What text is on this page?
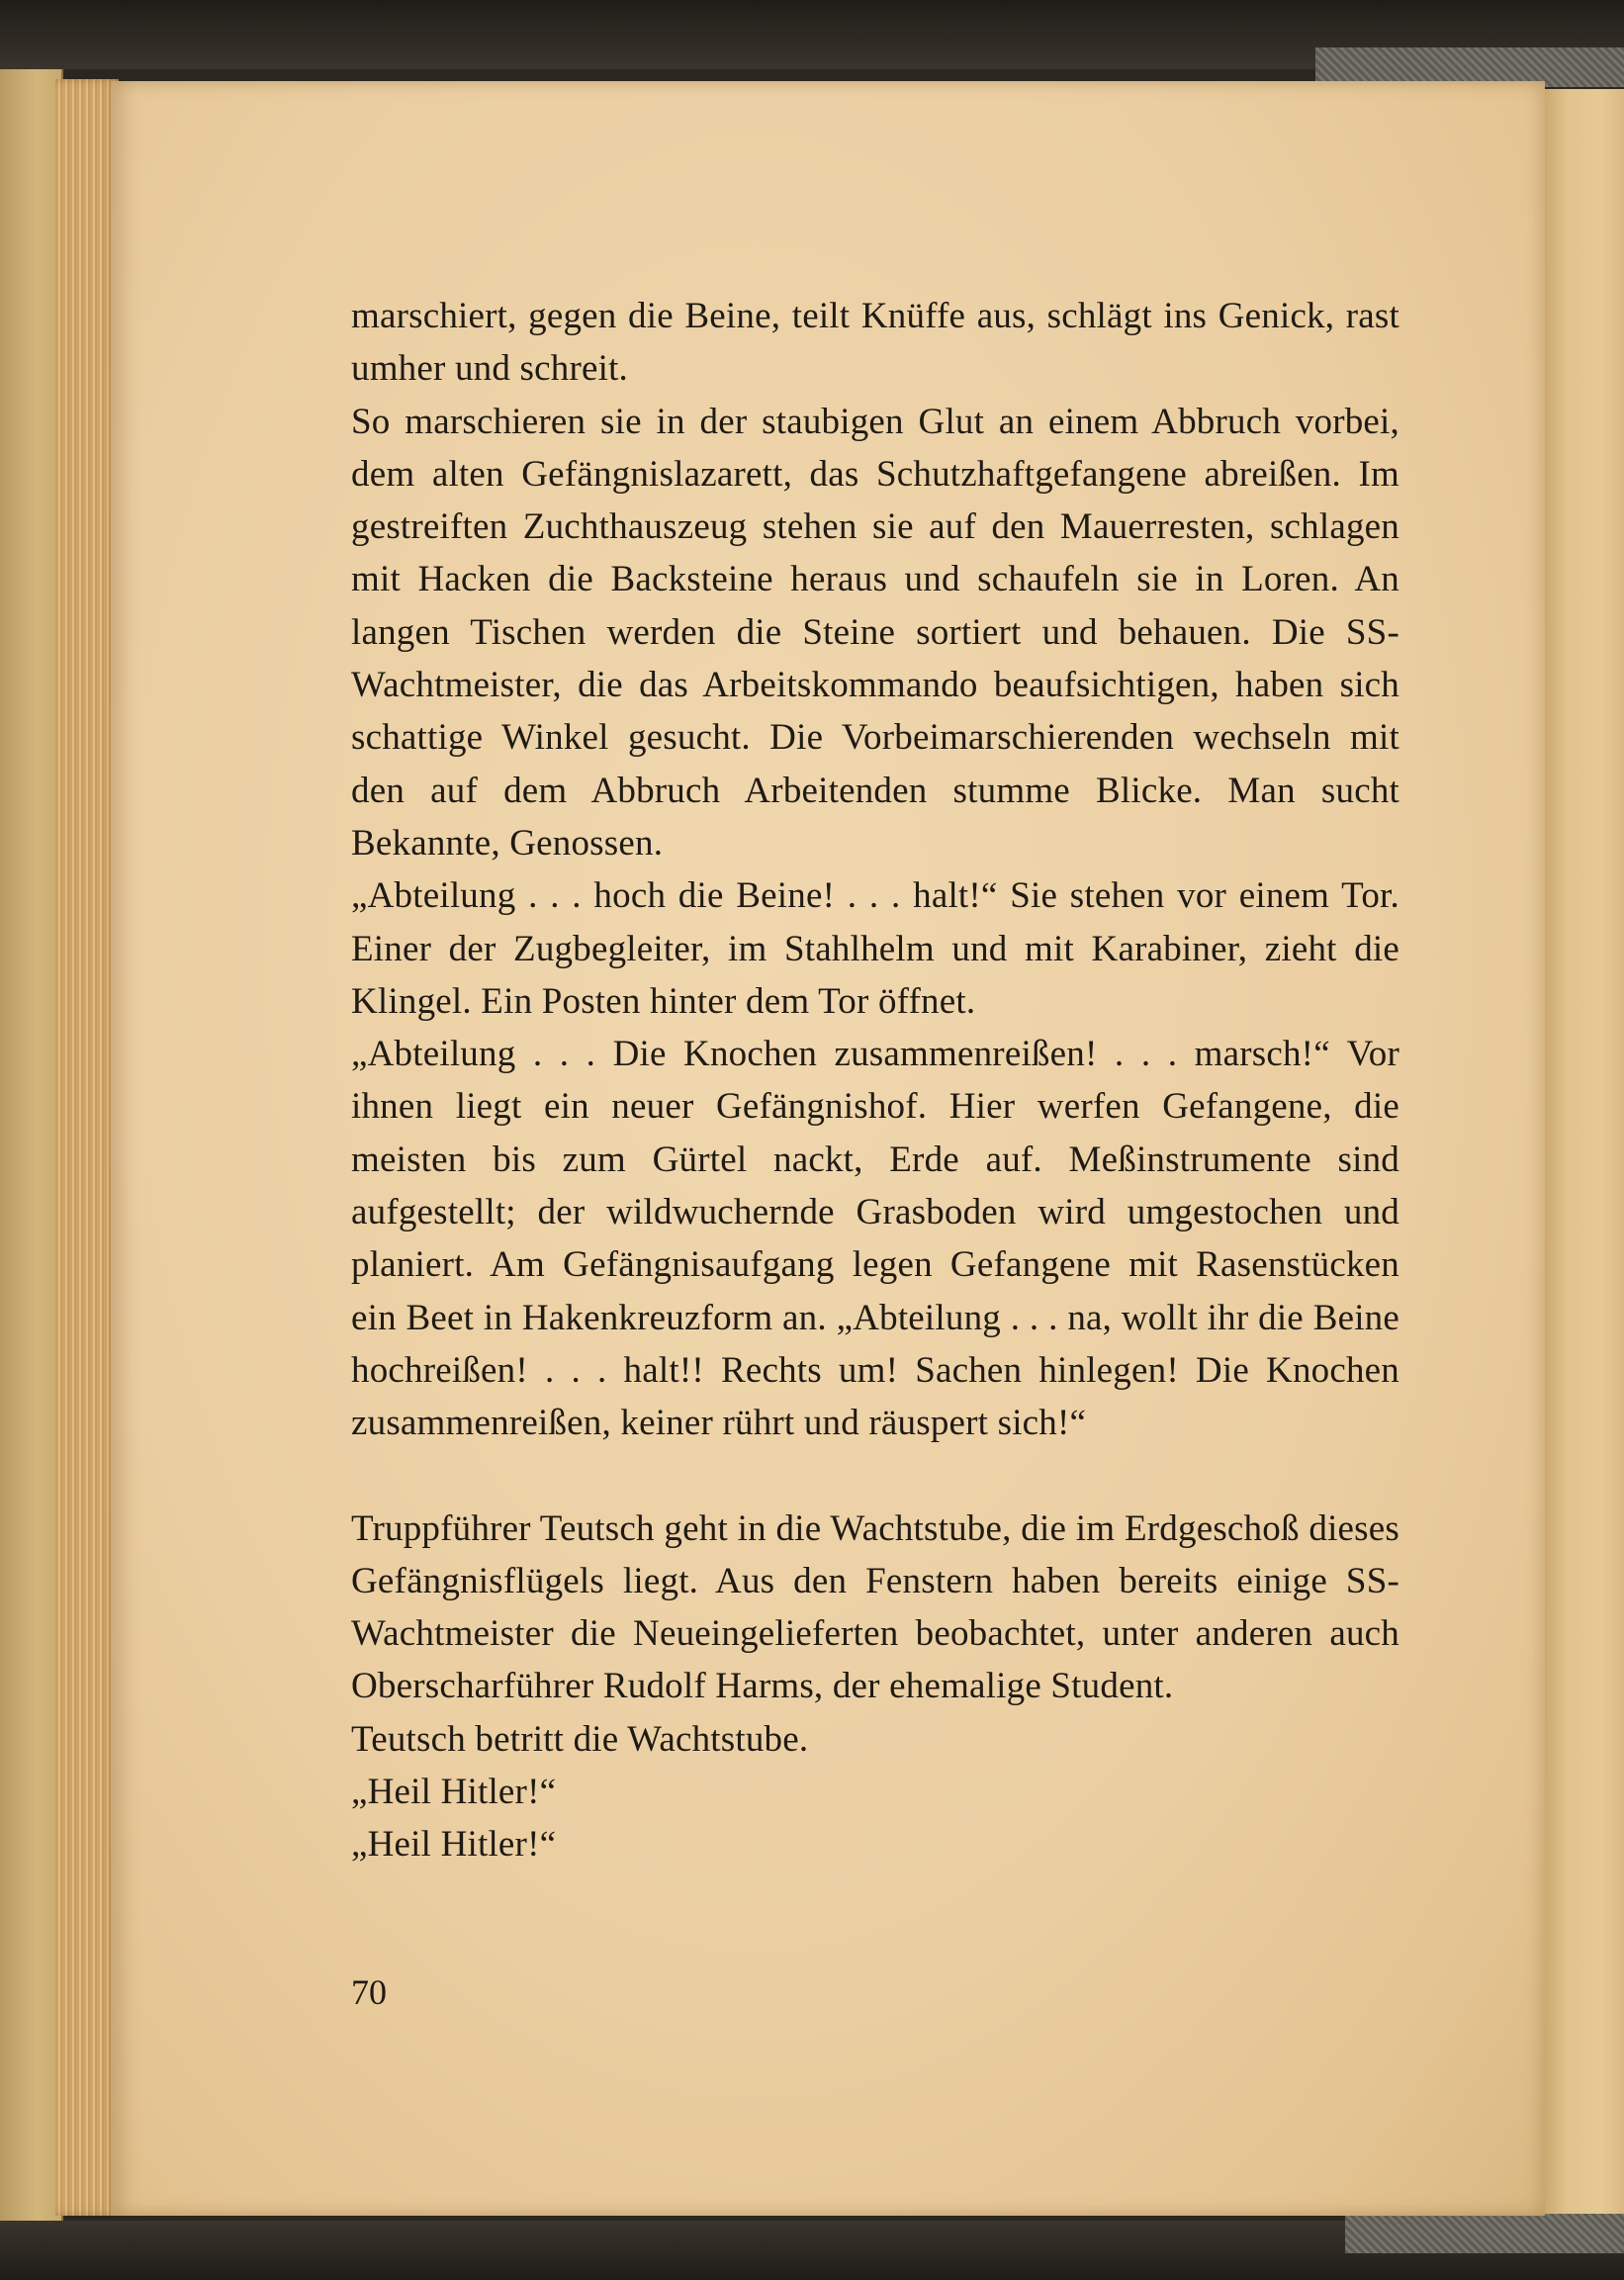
marschiert, gegen die Beine, teilt Knüffe aus, schlägt ins Genick, rast umher und schreit.

So marschieren sie in der staubigen Glut an einem Abbruch vorbei, dem alten Gefängnislazarett, das Schutzhaftgefangene abreißen. Im gestreiften Zuchthauszeug stehen sie auf den Mauerresten, schlagen mit Hacken die Backsteine heraus und schaufeln sie in Loren. An langen Tischen werden die Steine sortiert und behauen. Die SS-Wachtmeister, die das Arbeitskommando beaufsichtigen, haben sich schattige Winkel gesucht. Die Vorbeimarschierenden wechseln mit den auf dem Abbruch Arbeitenden stumme Blicke. Man sucht Bekannte, Genossen.

„Abteilung . . . hoch die Beine! . . . halt!“ Sie stehen vor einem Tor. Einer der Zugbegleiter, im Stahlhelm und mit Karabiner, zieht die Klingel. Ein Posten hinter dem Tor öffnet.

„Abteilung . . . Die Knochen zusammenreißen! . . . marsch!“ Vor ihnen liegt ein neuer Gefängnishof. Hier werfen Gefangene, die meisten bis zum Gürtel nackt, Erde auf. Meßinstrumente sind aufgestellt; der wildwuchernde Grasboden wird umgestochen und planiert. Am Gefängnisaufgang legen Gefangene mit Rasenstücken ein Beet in Hakenkreuzform an. „Abteilung . . . na, wollt ihr die Beine hochreißen! . . . halt!! Rechts um! Sachen hinlegen! Die Knochen zusammenreißen, keiner rührt und räuspert sich!“

Truppführer Teutsch geht in die Wachtstube, die im Erdgeschoß dieses Gefängnisflügels liegt. Aus den Fenstern haben bereits einige SS-Wachtmeister die Neueingelieferten beobachtet, unter anderen auch Oberscharführer Rudolf Harms, der ehemalige Student.

Teutsch betritt die Wachtstube.

„Heil Hitler!“

„Heil Hitler!“

70
